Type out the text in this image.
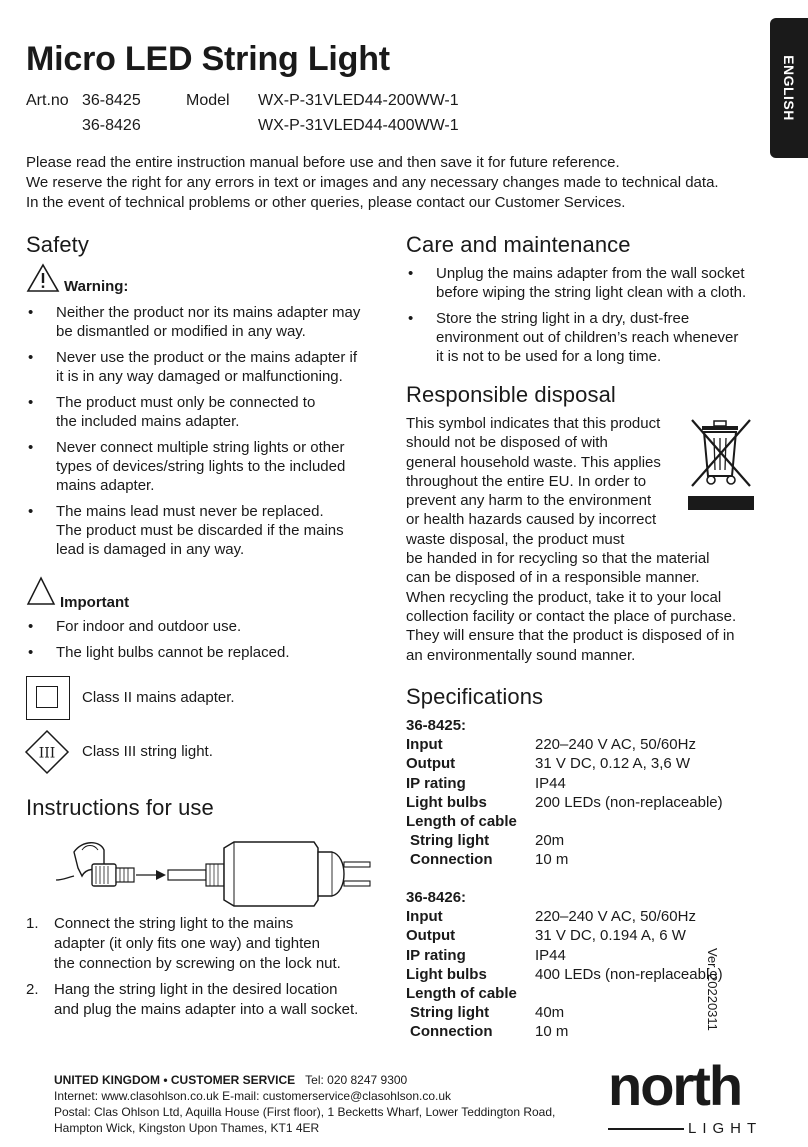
ENGLISH
Micro LED String Light
Art.no 36-8425	Model WX-P-31VLED44-200WW-1
36-8426	WX-P-31VLED44-400WW-1
Please read the entire instruction manual before use and then save it for future reference.
We reserve the right for any errors in text or images and any necessary changes made to technical data.
In the event of technical problems or other queries, please contact our Customer Services.
Safety
Warning:
• Neither the product nor its mains adapter may
be dismantled or modified in any way.
• Never use the product or the mains adapter if
it is in any way damaged or malfunctioning.
• The product must only be connected to
the included mains adapter.
• Never connect multiple string lights or other
types of devices/string lights to the included
mains adapter.
• The mains lead must never be replaced.
The product must be discarded if the mains
lead is damaged in any way.
Important
• For indoor and outdoor use.
• The light bulbs cannot be replaced.
Class II mains adapter.
III Class III string light.
Instructions for use
1. Connect the string light to the mains
adapter (it only fits one way) and tighten
the connection by screwing on the lock nut.
2. Hang the string light in the desired location
and plug the mains adapter into a wall socket.
Care and maintenance
• Unplug the mains adapter from the wall socket
before wiping the string light clean with a cloth.
• Store the string light in a dry, dust-free
environment out of children’s reach whenever
it is not to be used for a long time.
Responsible disposal
This symbol indicates that this product
should not be disposed of with
general household waste. This applies
throughout the entire EU. In order to
prevent any harm to the environment
or health hazards caused by incorrect
waste disposal, the product must
be handed in for recycling so that the material
can be disposed of in a responsible manner.
When recycling the product, take it to your local
collection facility or contact the place of purchase.
They will ensure that the product is disposed of in
an environmentally sound manner.
Specifications
36-8425:
Input	220–240 V AC, 50/60Hz
Output	31 V DC, 0.12 A, 3,6 W
IP rating	IP44
Light bulbs	200 LEDs (non-replaceable)
Length of cable
String light	20m
Connection	10 m
36-8426:
Input	220–240 V AC, 50/60Hz
Output	31 V DC, 0.194 A, 6 W
IP rating	IP44
Light bulbs	400 LEDs (non-replaceable)
Length of cable
String light	40m
Connection	10 m
Ver. 20220311
UNITED KINGDOM • CUSTOMER SERVICE Tel: 020 8247 9300
Internet: www.clasohlson.co.uk E-mail: customerservice@clasohlson.co.uk
Postal: Clas Ohlson Ltd, Aquilla House (First floor), 1 Becketts Wharf, Lower Teddington Road,
Hampton Wick, Kingston Upon Thames, KT1 4ER
north
LIGHT
